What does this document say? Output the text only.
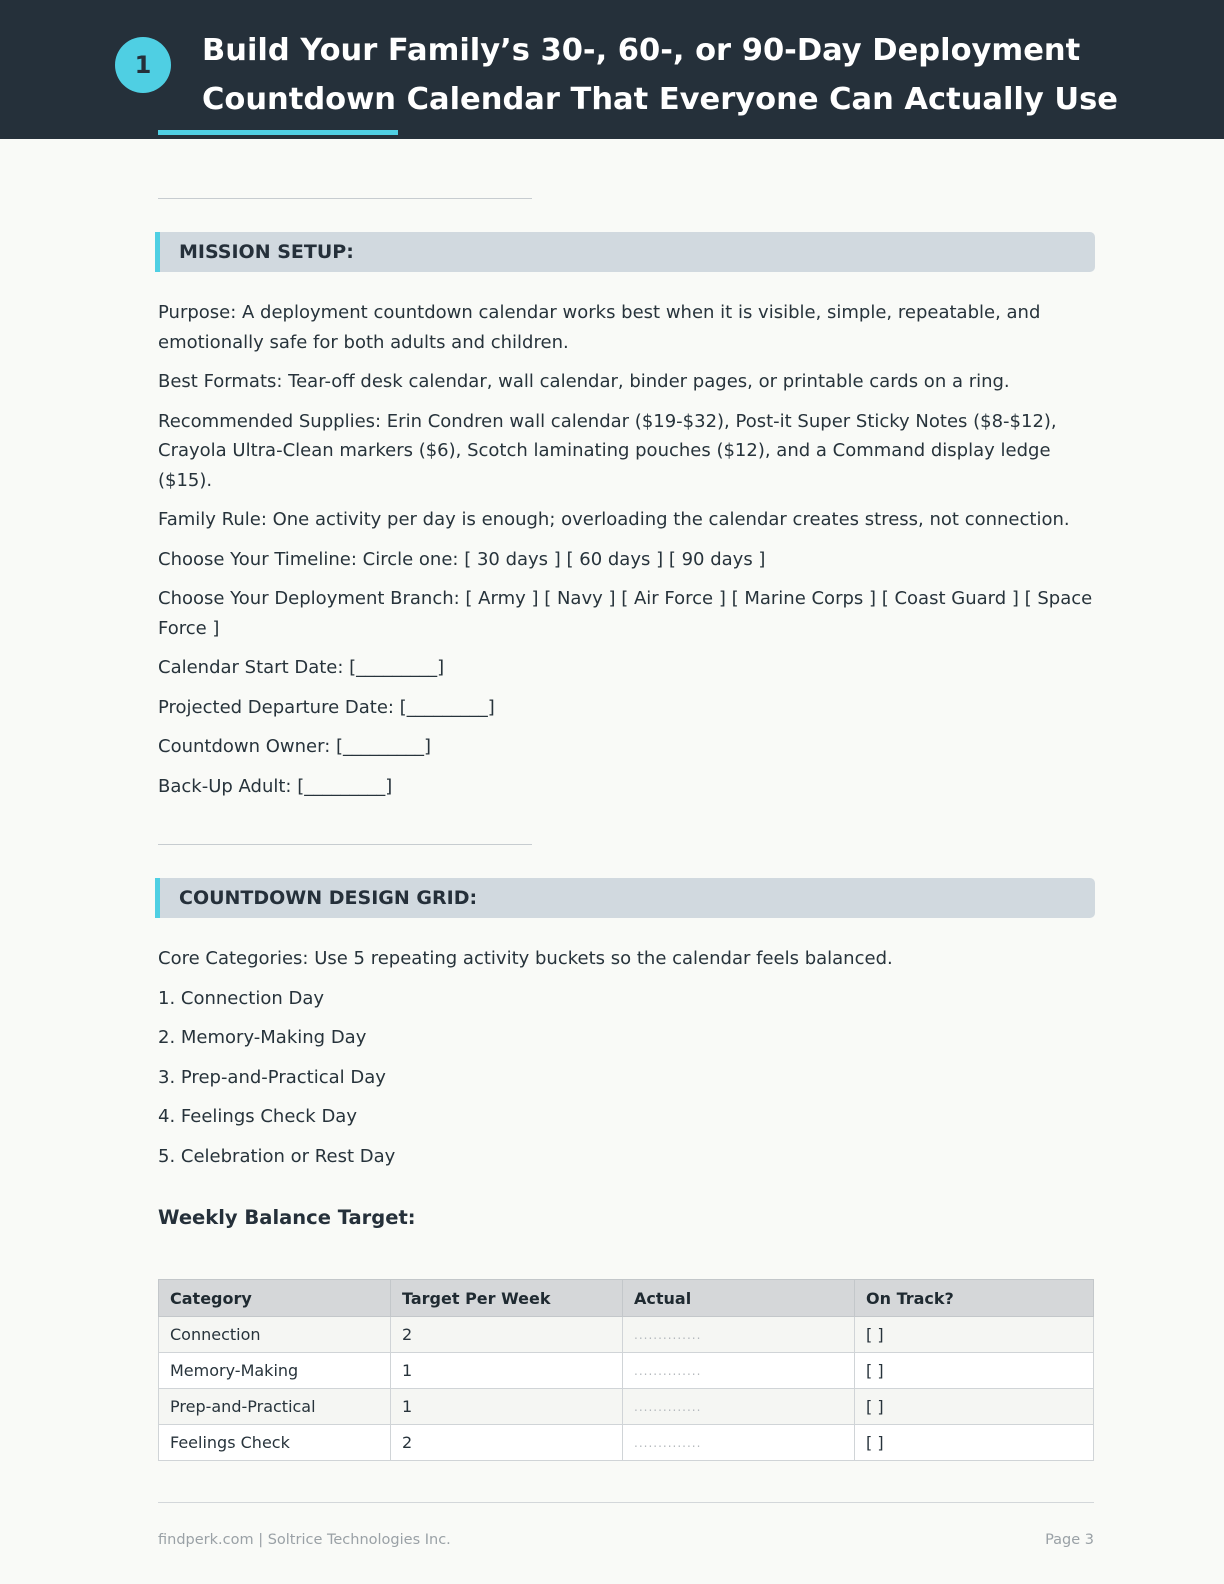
1	Build Your Family’s 30-, 60-, or 90-Day Deployment
Countdown Calendar That Everyone Can Actually Use
MISSION SETUP:

Purpose: A deployment countdown calendar works best when it is visible, simple, repeatable, and emotionally safe for both adults and children.

Best Formats: Tear-off desk calendar, wall calendar, binder pages, or printable cards on a ring.

Recommended Supplies: Erin Condren wall calendar ($19-$32), Post-it Super Sticky Notes ($8-$12), Crayola Ultra-Clean markers ($6), Scotch laminating pouches ($12), and a Command display ledge ($15).

Family Rule: One activity per day is enough; overloading the calendar creates stress, not connection.

Choose Your Timeline: Circle one: [ 30 days ] [ 60 days ] [ 90 days ]

Choose Your Deployment Branch: [ Army ] [ Navy ] [ Air Force ] [ Marine Corps ] [ Coast Guard ] [ Space Force ]

Calendar Start Date: [_________]

Projected Departure Date: [_________]

Countdown Owner: [_________]

Back-Up Adult: [_________]

COUNTDOWN DESIGN GRID:

Core Categories: Use 5 repeating activity buckets so the calendar feels balanced.

1. Connection Day

2. Memory-Making Day

3. Prep-and-Practical Day

4. Feelings Check Day

5. Celebration or Rest Day

Weekly Balance Target:
Category	Target Per Week	Actual	On Track?
Connection	2	..............	[ ]
Memory-Making	1	..............	[ ]
Prep-and-Practical	1	..............	[ ]
Feelings Check	2	..............	[ ]
findperk.com | Soltrice Technologies Inc.	Page 3
